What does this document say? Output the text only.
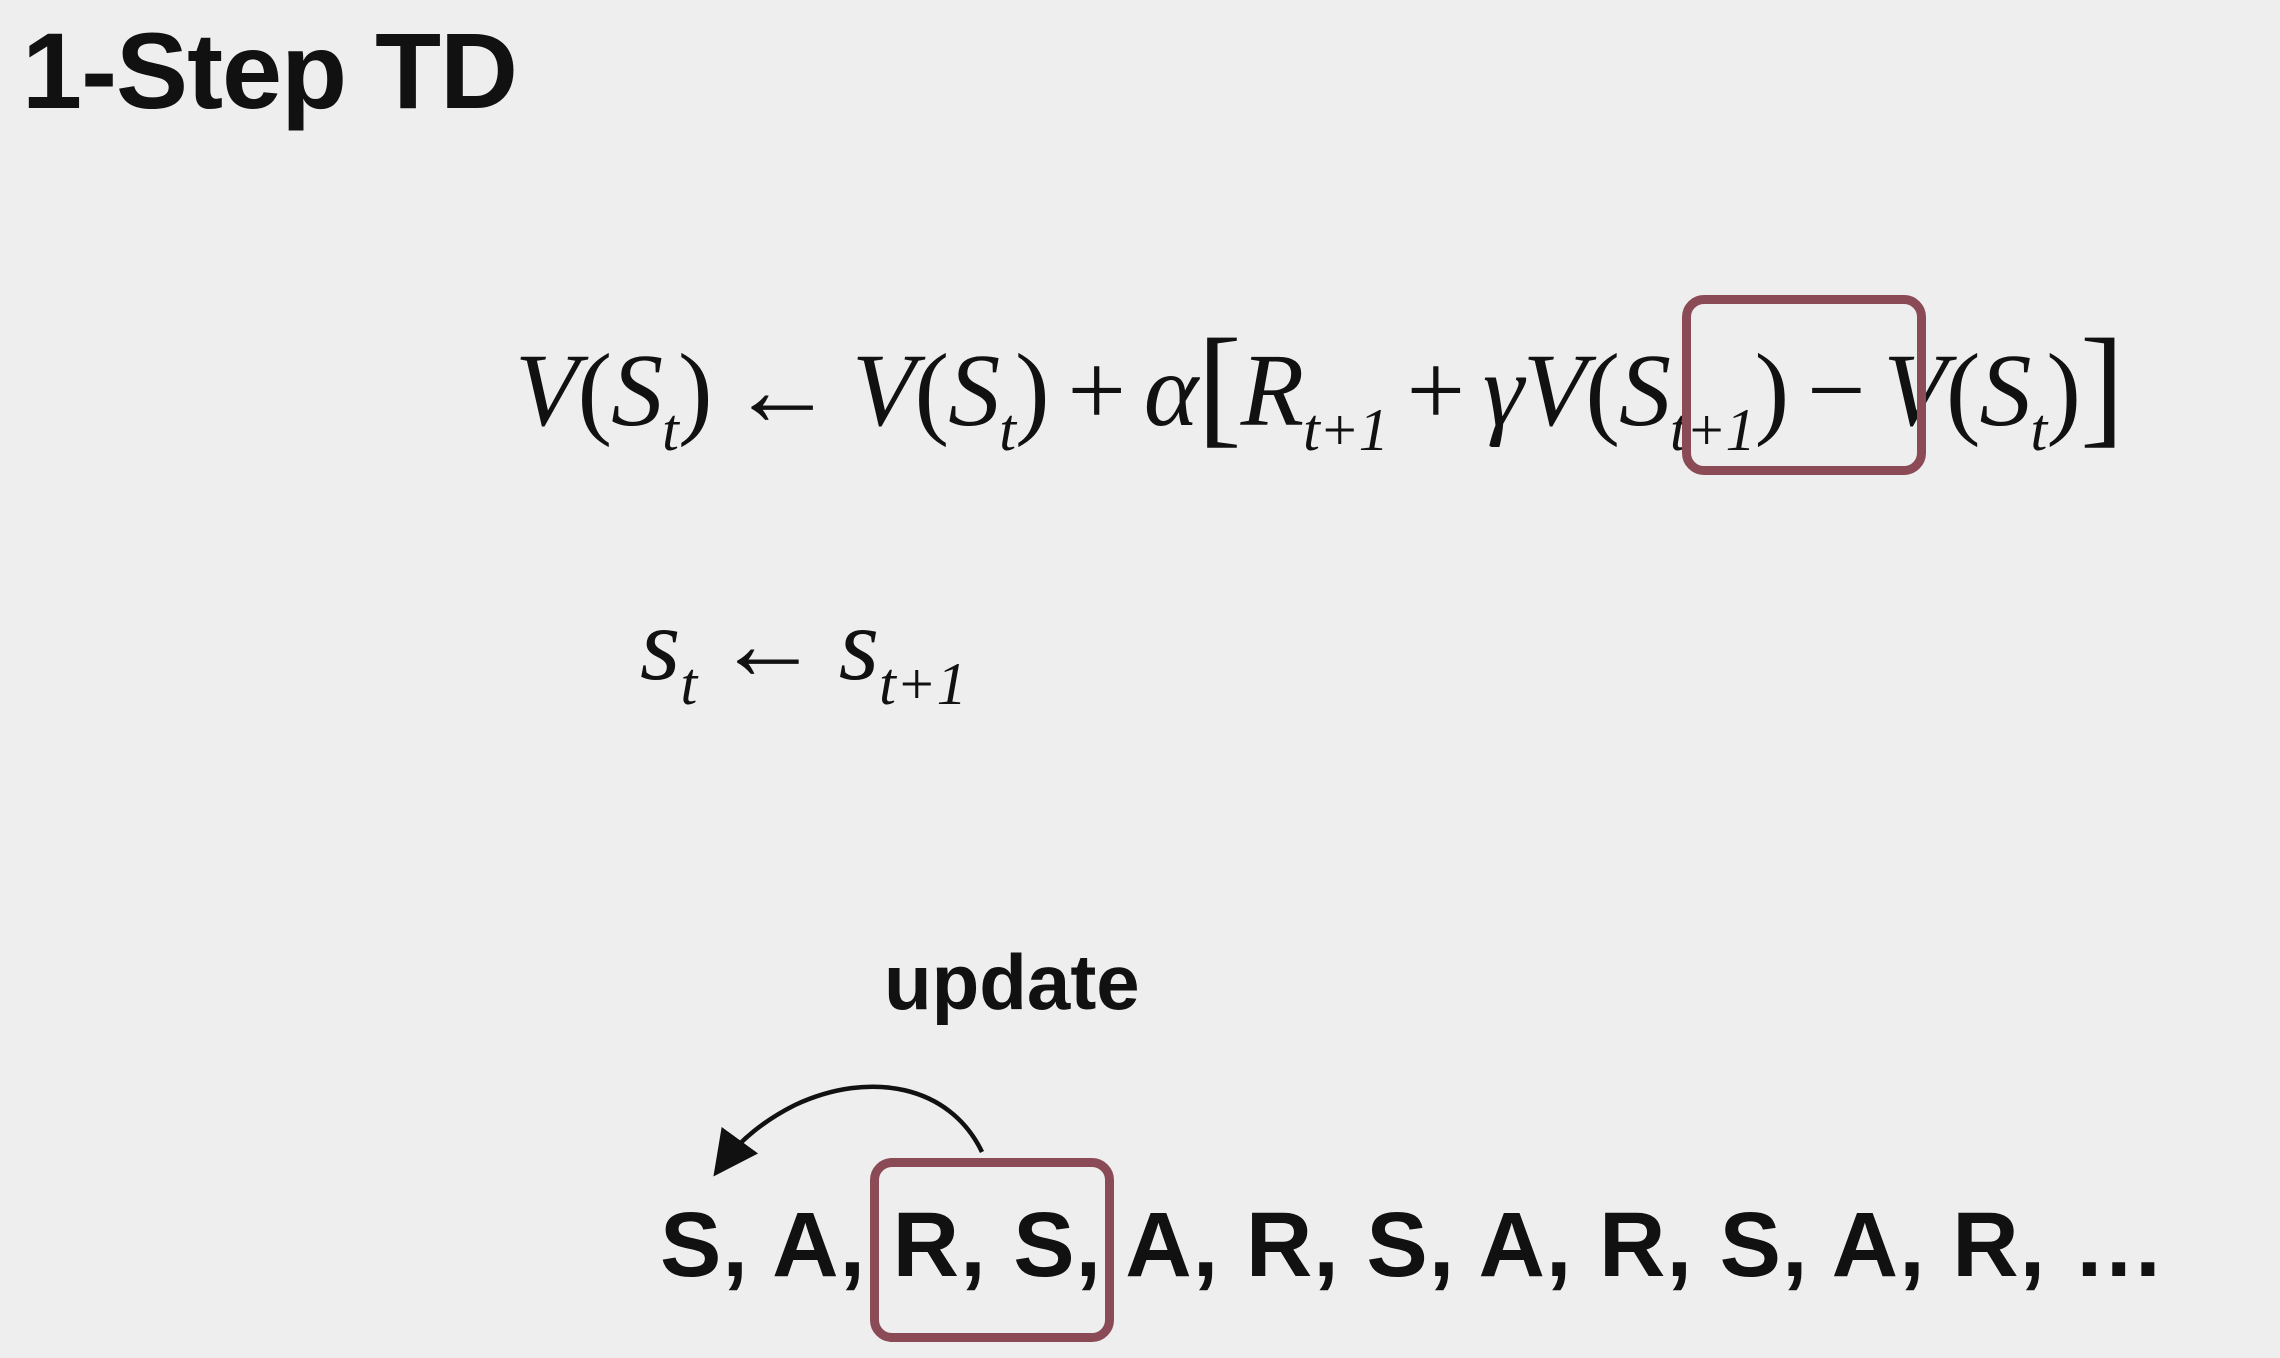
1-Step TD
$V(S_t)$ ← $V(S_t) + \alpha[R_{t+1} + \gamma V(S_{t+1}) - V(S_t)]$
$s_t$ ← $s_{t+1}$
update
S, A, R, S, A, R, S, A, R, S, A, R, …
